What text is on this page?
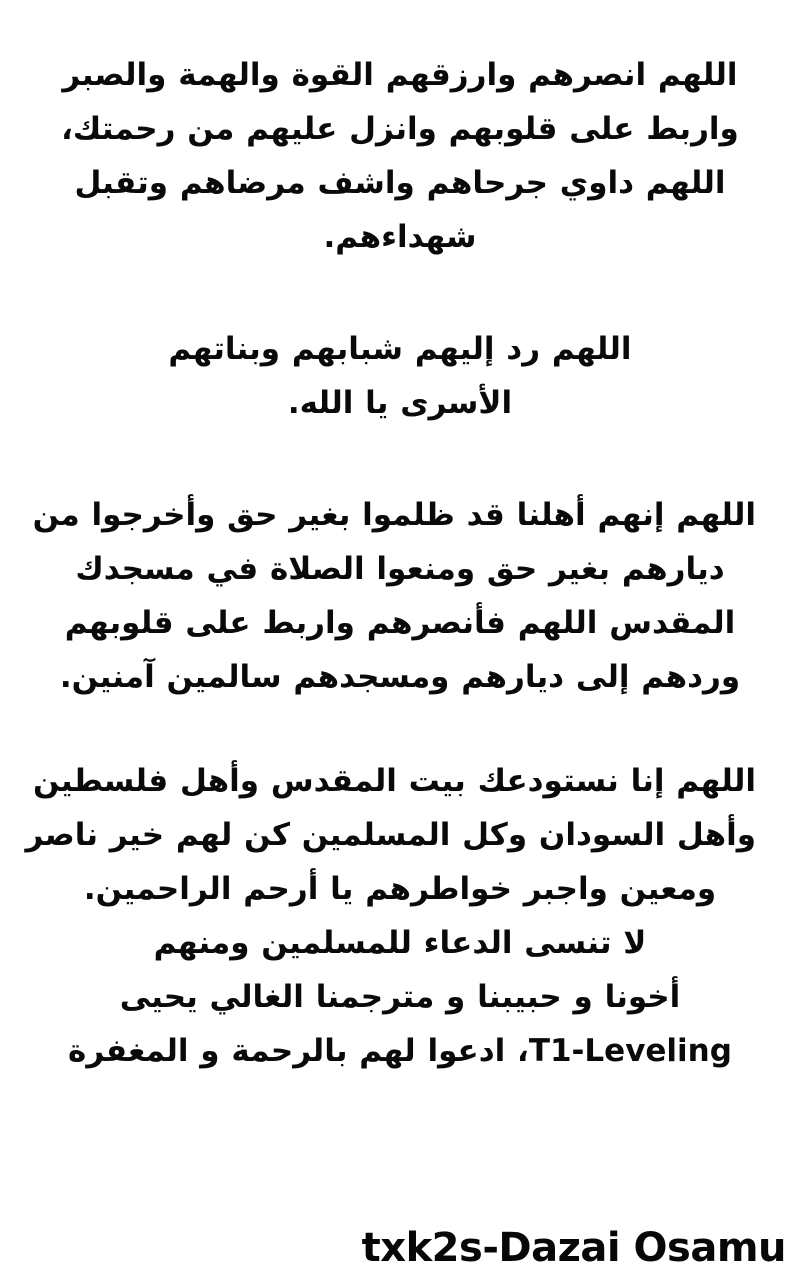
اللهم انصرهم وارزقهم القوة والهمة والصبر
واربط على قلوبهم وانزل عليهم من رحمتك،
اللهم داوي جرحاهم واشف مرضاهم وتقبل
شهداءهم.

اللهم رد إليهم شبابهم وبناتهم
الأسرى يا الله.

اللهم إنهم أهلنا قد ظلموا بغير حق وأخرجوا من
ديارهم بغير حق ومنعوا الصلاة في مسجدك
المقدس اللهم فأنصرهم واربط على قلوبهم
وردهم إلى ديارهم ومسجدهم سالمين آمنين.

اللهم إنا نستودعك بيت المقدس وأهل فلسطين
وأهل السودان وكل المسلمين كن لهم خير ناصر
ومعين واجبر خواطرهم يا أرحم الراحمين.

لا تنسى الدعاء للمسلمين ومنهم
أخونا و حبيبنا و مترجمنا الغالي يحيى

T1-Leveling، ادعوا لهم بالرحمة و المغفرة

txk2s-Dazai Osamu
